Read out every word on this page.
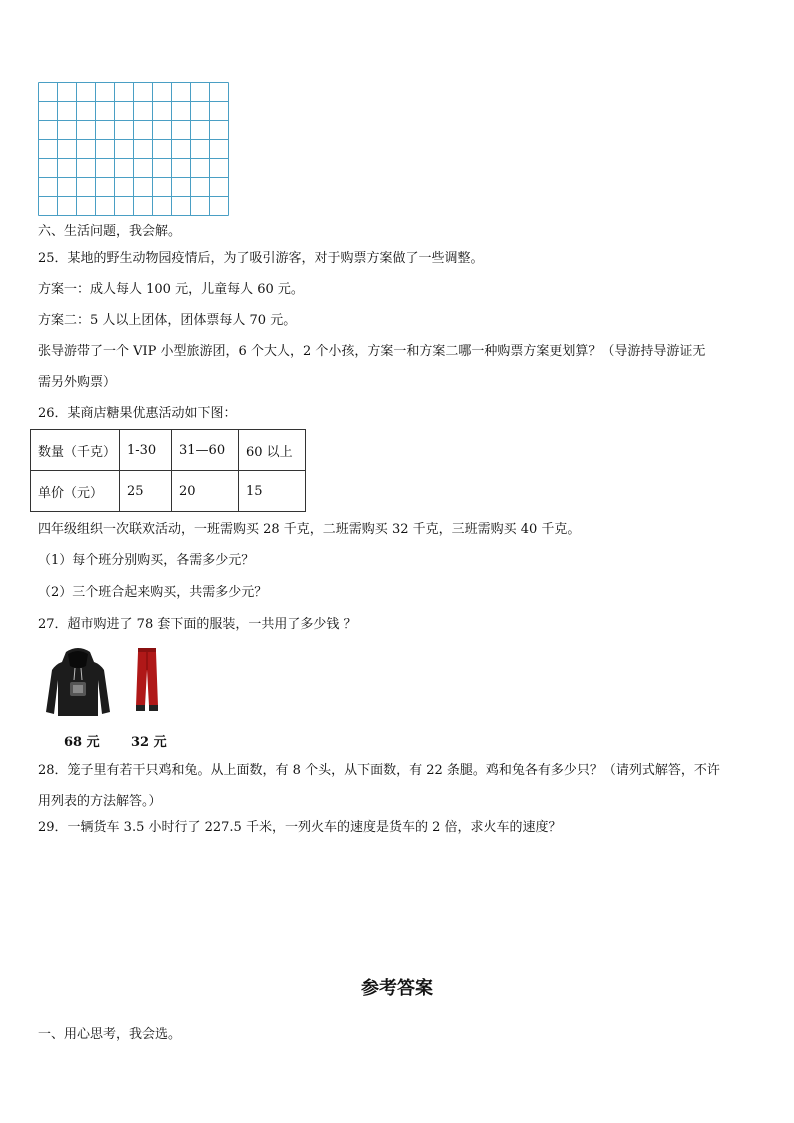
六、生活问题，我会解。
25．某地的野生动物园疫情后，为了吸引游客，对于购票方案做了一些调整。
方案一：成人每人 100 元，儿童每人 60 元。
方案二：5 人以上团体，团体票每人 70 元。
张导游带了一个 VIP 小型旅游团，6 个大人，2 个小孩，方案一和方案二哪一种购票方案更划算？（导游持导游证无
需另外购票）
26．某商店糖果优惠活动如下图：
数量（千克）	1-30	31—60	60 以上
单价（元）	25	20	15
四年级组织一次联欢活动，一班需购买 28 千克，二班需购买 32 千克，三班需购买 40 千克。
（1）每个班分别购买，各需多少元？
（2）三个班合起来购买，共需多少元？
27．超市购进了 78 套下面的服装，一共用了多少钱 ？
68 元 32 元
28．笼子里有若干只鸡和兔。从上面数，有 8 个头，从下面数，有 22 条腿。鸡和兔各有多少只？（请列式解答，不许
用列表的方法解答。）
29．一辆货车 3.5 小时行了 227.5 千米，一列火车的速度是货车的 2 倍，求火车的速度？
参考答案
一、用心思考，我会选。
